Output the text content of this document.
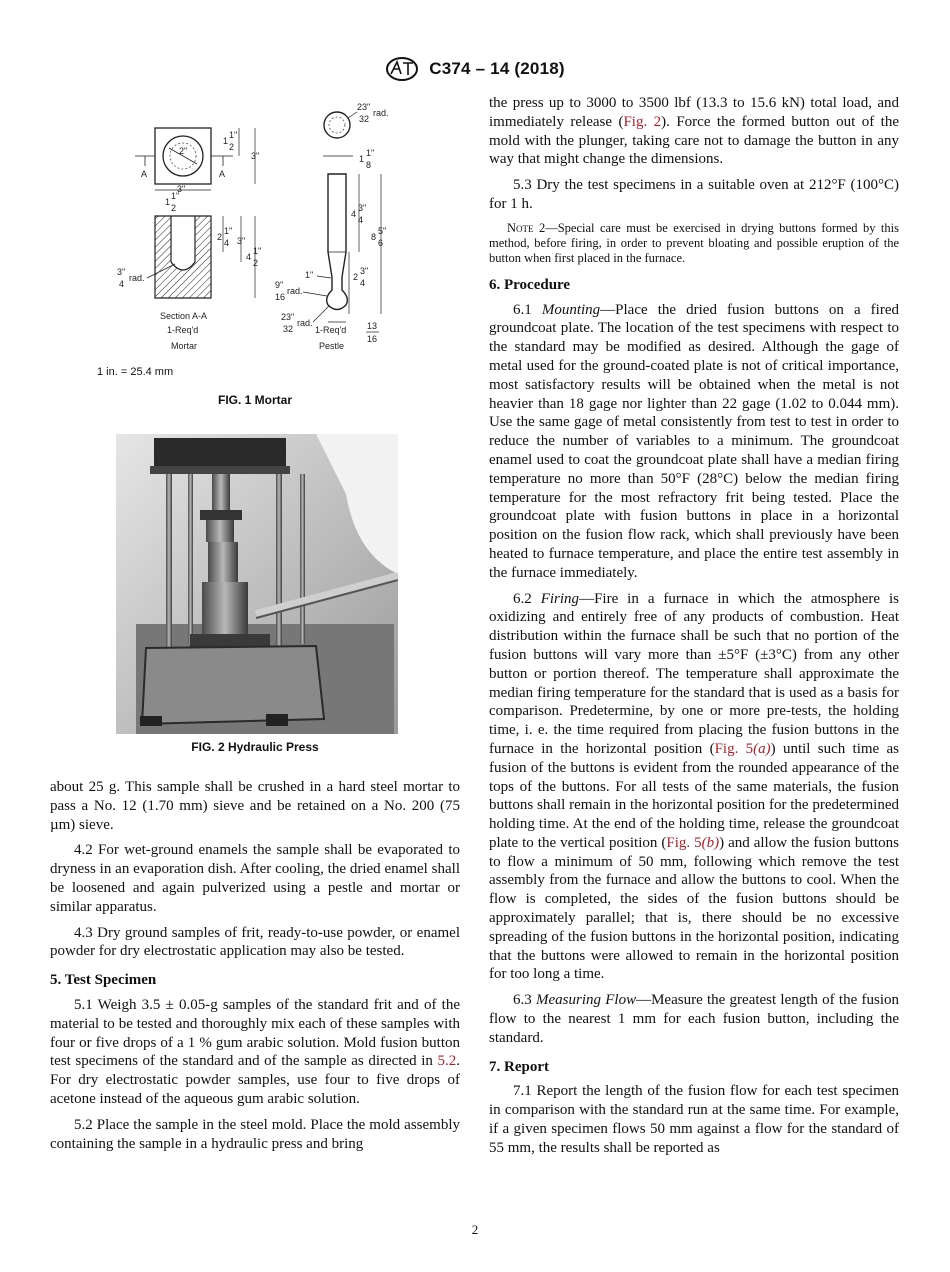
C374 – 14 (2018)
2"
A	A
1
1"
2
3"
3"
1
1"
2
2
1"
4 3"
4
1"
2
3"
4
rad.
Section A-A
1-Req'd
Mortar
23"
32
rad.
1
1"
8
4
3"
4
8
5"
6
2
3"
4
1"
9"
16
rad.
23"
32
rad.
1-Req'd
Pestle
13
16
1 in. = 25.4 mm
FIG. 1 Mortar
FIG. 2 Hydraulic Press

about 25 g. This sample shall be crushed in a hard steel mortar to pass a No. 12 (1.70 mm) sieve and be retained on a No. 200 (75 µm) sieve.

4.2 For wet-ground enamels the sample shall be evaporated to dryness in an evaporation dish. After cooling, the dried enamel shall be loosened and again pulverized using a pestle and mortar or similar apparatus.

4.3 Dry ground samples of frit, ready-to-use powder, or enamel powder for dry electrostatic application may also be tested.

5. Test Specimen

5.1 Weigh 3.5 ± 0.05-g samples of the standard frit and of the material to be tested and thoroughly mix each of these samples with four or five drops of a 1 % gum arabic solution. Mold fusion button test specimens of the standard and of the sample as directed in 5.2. For dry electrostatic powder samples, use four to five drops of acetone instead of the aqueous gum arabic solution.

5.2 Place the sample in the steel mold. Place the mold assembly containing the sample in a hydraulic press and bring

the press up to 3000 to 3500 lbf (13.3 to 15.6 kN) total load, and immediately release (Fig. 2). Force the formed button out of the mold with the plunger, taking care not to damage the button in any way that might change the dimensions.

5.3 Dry the test specimens in a suitable oven at 212°F (100°C) for 1 h.

Note 2—Special care must be exercised in drying buttons formed by this method, before firing, in order to prevent bloating and possible eruption of the button when first placed in the furnace.

6. Procedure

6.1 Mounting—Place the dried fusion buttons on a fired groundcoat plate. The location of the test specimens with respect to the standard may be modified as desired. Although the gage of metal used for the ground-coated plate is not of critical importance, most satisfactory results will be obtained when the metal is not heavier than 18 gage nor lighter than 22 gage (1.02 to 0.044 mm). Use the same gage of metal consistently from test to test in order to reduce the number of variables to a minimum. The groundcoat enamel used to coat the groundcoat plate shall have a median firing temperature no more than 50°F (28°C) below the median firing temperature for the most refractory frit being tested. Place the groundcoat plate with fusion buttons in place in a horizontal position on the fusion flow rack, which shall previously have been heated to furnace temperature, and place the entire test assembly in the furnace immediately.

6.2 Firing—Fire in a furnace in which the atmosphere is oxidizing and entirely free of any products of combustion. Heat distribution within the furnace shall be such that no portion of the fusion buttons will vary more than ±5°F (±3°C) from any other button or portion thereof. The temperature shall approximate the median firing temperature for the standard that is used as a basis for comparison. Predetermine, by one or more pre-tests, the holding time, i. e. the time required from placing the fusion buttons in the furnace in the horizontal position (Fig. 5(a)) until such time as fusion of the buttons is evident from the rounded appearance of the tops of the buttons. For all tests of the same materials, the fusion buttons shall remain in the horizontal position for the predetermined holding time. At the end of the holding time, release the groundcoat plate to the vertical position (Fig. 5(b)) and allow the fusion buttons to flow a minimum of 50 mm, following which remove the test assembly from the furnace and allow the buttons to cool. When the flow is completed, the sides of the fusion buttons should be approximately parallel; that is, there should be no excessive spreading of the fusion buttons in the horizontal position, indicating that the buttons were allowed to remain in the horizontal position for too long a time.

6.3 Measuring Flow—Measure the greatest length of the fusion flow to the nearest 1 mm for each fusion button, including the standard.

7. Report

7.1 Report the length of the fusion flow for each test specimen in comparison with the standard run at the same time. For example, if a given specimen flows 50 mm against a flow for the standard of 55 mm, the results shall be reported as

2
